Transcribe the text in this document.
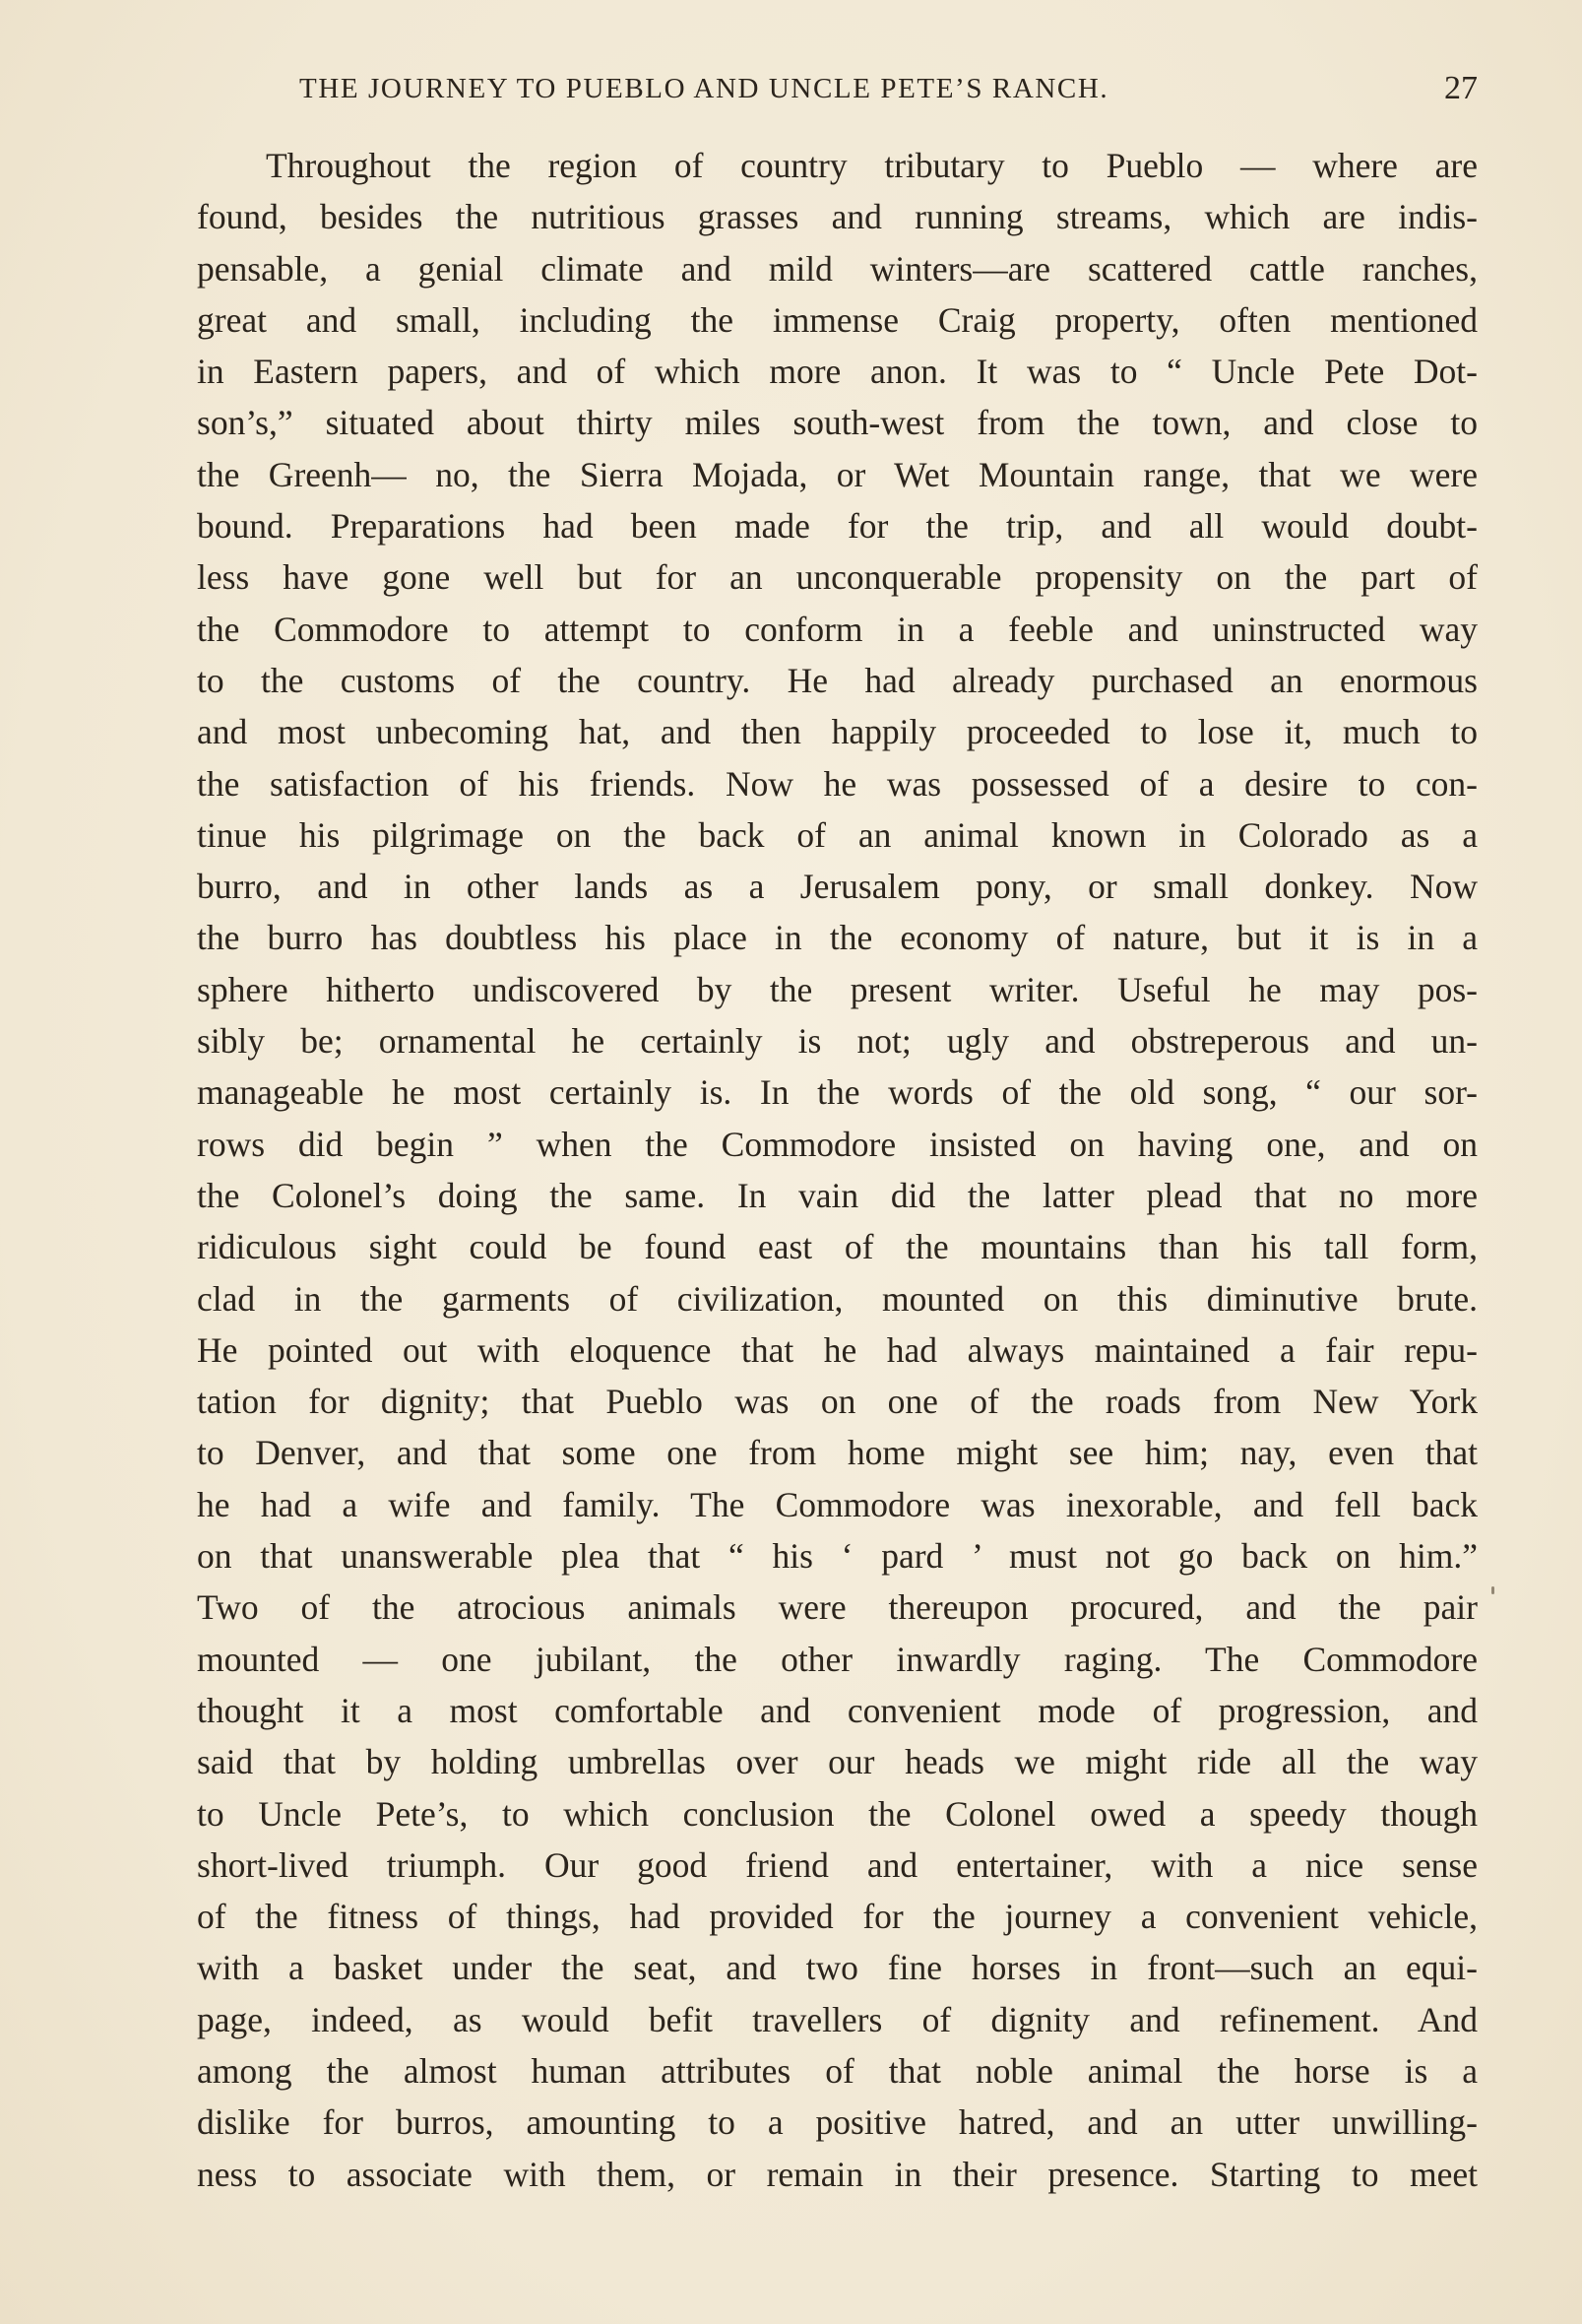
THE JOURNEY TO PUEBLO AND UNCLE PETE’S RANCH.	27
Throughout the region of country tributary to Pueblo — where are
found, besides the nutritious grasses and running streams, which are indis-
pensable, a genial climate and mild winters—are scattered cattle ranches,
great and small, including the immense Craig property, often mentioned
in Eastern papers, and of which more anon. It was to “ Uncle Pete Dot-
son’s,” situated about thirty miles south-west from the town, and close to
the Greenh— no, the Sierra Mojada, or Wet Mountain range, that we were
bound. Preparations had been made for the trip, and all would doubt-
less have gone well but for an unconquerable propensity on the part of
the Commodore to attempt to conform in a feeble and uninstructed way
to the customs of the country. He had already purchased an enormous
and most unbecoming hat, and then happily proceeded to lose it, much to
the satisfaction of his friends. Now he was possessed of a desire to con-
tinue his pilgrimage on the back of an animal known in Colorado as a
burro, and in other lands as a Jerusalem pony, or small donkey. Now
the burro has doubtless his place in the economy of nature, but it is in a
sphere hitherto undiscovered by the present writer. Useful he may pos-
sibly be; ornamental he certainly is not; ugly and obstreperous and un-
manageable he most certainly is. In the words of the old song, “ our sor-
rows did begin ” when the Commodore insisted on having one, and on
the Colonel’s doing the same. In vain did the latter plead that no more
ridiculous sight could be found east of the mountains than his tall form,
clad in the garments of civilization, mounted on this diminutive brute.
He pointed out with eloquence that he had always maintained a fair repu-
tation for dignity; that Pueblo was on one of the roads from New York
to Denver, and that some one from home might see him; nay, even that
he had a wife and family. The Commodore was inexorable, and fell back
on that unanswerable plea that “ his ‘ pard ’ must not go back on him.”
Two of the atrocious animals were thereupon procured, and the pair
mounted — one jubilant, the other inwardly raging. The Commodore
thought it a most comfortable and convenient mode of progression, and
said that by holding umbrellas over our heads we might ride all the way
to Uncle Pete’s, to which conclusion the Colonel owed a speedy though
short-lived triumph. Our good friend and entertainer, with a nice sense
of the fitness of things, had provided for the journey a convenient vehicle,
with a basket under the seat, and two fine horses in front—such an equi-
page, indeed, as would befit travellers of dignity and refinement. And
among the almost human attributes of that noble animal the horse is a
dislike for burros, amounting to a positive hatred, and an utter unwilling-
ness to associate with them, or remain in their presence. Starting to meet
